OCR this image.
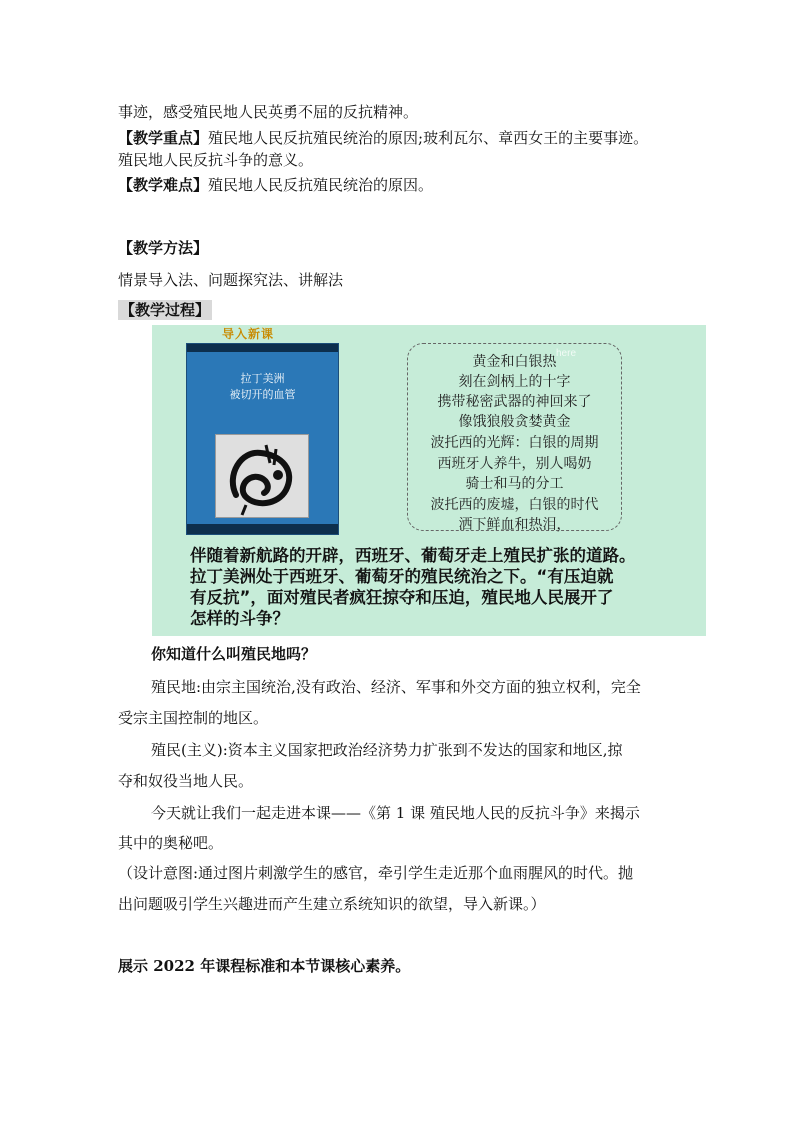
事迹，感受殖民地人民英勇不屈的反抗精神。
【教学重点】殖民地人民反抗殖民统治的原因;玻利瓦尔、章西女王的主要事迹。
殖民地人民反抗斗争的意义。
【教学难点】殖民地人民反抗殖民统治的原因。
【教学方法】
情景导入法、问题探究法、讲解法
【教学过程】
导入新课
拉丁美洲
被切开的血管
here
黄金和白银热
刻在剑柄上的十字
携带秘密武器的神回来了
像饿狼般贪婪黄金
波托西的光辉：白银的周期
西班牙人养牛，别人喝奶
骑士和马的分工
波托西的废墟，白银的时代
洒下鲜血和热泪，
伴随着新航路的开辟，西班牙、葡萄牙走上殖民扩张的道路。
拉丁美洲处于西班牙、葡萄牙的殖民统治之下。“有压迫就
有反抗”，面对殖民者疯狂掠夺和压迫，殖民地人民展开了
怎样的斗争？
你知道什么叫殖民地吗？
殖民地:由宗主国统治,没有政治、经济、军事和外交方面的独立权利，完全
受宗主国控制的地区。
殖民(主义):资本主义国家把政治经济势力扩张到不发达的国家和地区,掠
夺和奴役当地人民。
今天就让我们一起走进本课——《第 1 课 殖民地人民的反抗斗争》来揭示
其中的奥秘吧。
（设计意图:通过图片刺激学生的感官，牵引学生走近那个血雨腥风的时代。抛
出问题吸引学生兴趣进而产生建立系统知识的欲望，导入新课。）
展示 2022 年课程标准和本节课核心素养。
